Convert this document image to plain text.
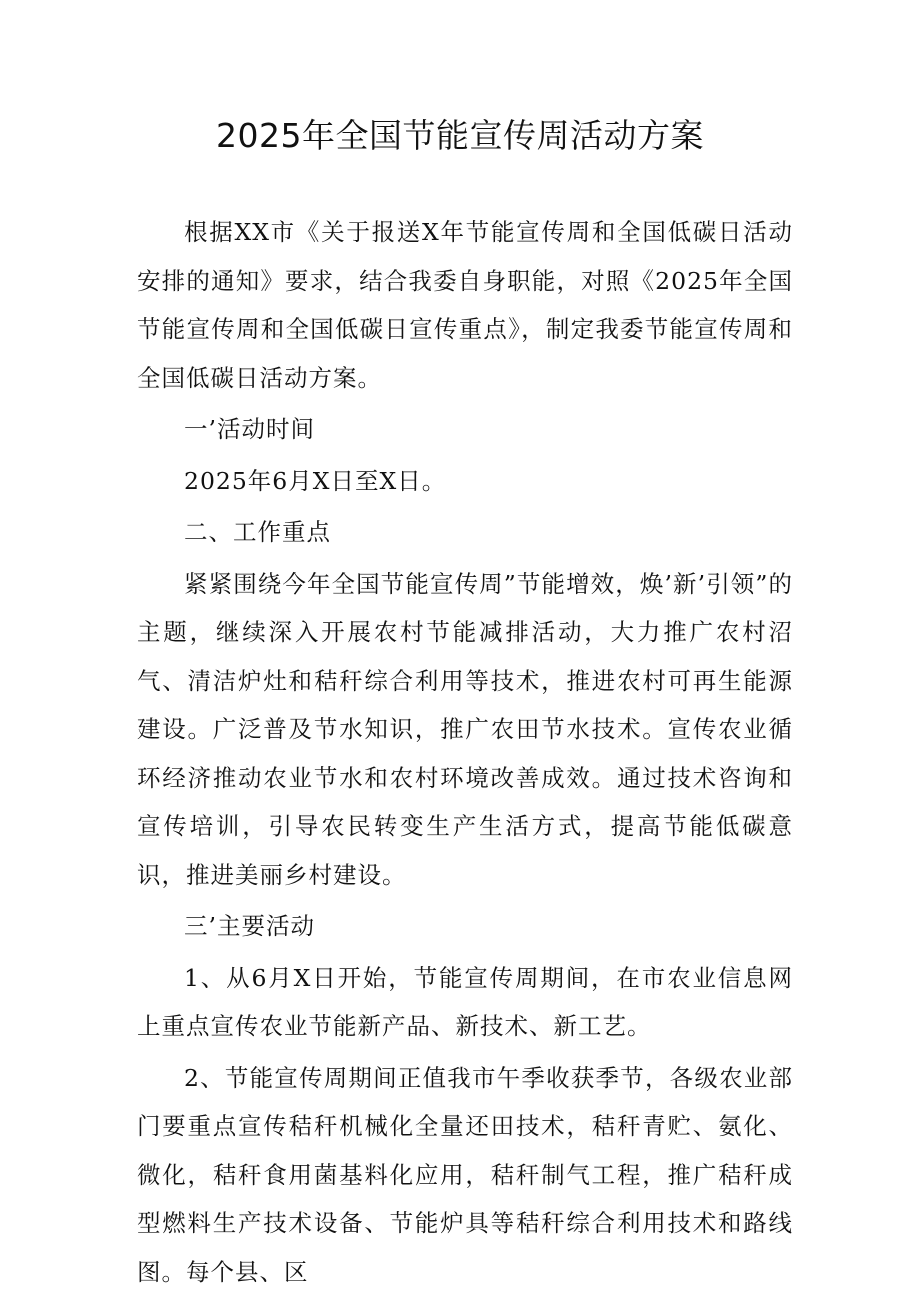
2025年全国节能宣传周活动方案

根据XX市《关于报送X年节能宣传周和全国低碳日活动安排的通知》要求，结合我委自身职能，对照《2025年全国节能宣传周和全国低碳日宣传重点》，制定我委节能宣传周和全国低碳日活动方案。

一’活动时间

2025年6月X日至X日。

二、工作重点

紧紧围绕今年全国节能宣传周”节能增效，焕’新’引领”的主题，继续深入开展农村节能减排活动，大力推广农村沼气、清洁炉灶和秸秆综合利用等技术，推进农村可再生能源建设。广泛普及节水知识，推广农田节水技术。宣传农业循环经济推动农业节水和农村环境改善成效。通过技术咨询和宣传培训，引导农民转变生产生活方式，提高节能低碳意识，推进美丽乡村建设。

三’主要活动

1、从6月X日开始，节能宣传周期间，在市农业信息网上重点宣传农业节能新产品、新技术、新工艺。

2、节能宣传周期间正值我市午季收获季节，各级农业部门要重点宣传秸秆机械化全量还田技术，秸秆青贮、氨化、微化，秸秆食用菌基料化应用，秸秆制气工程，推广秸秆成型燃料生产技术设备、节能炉具等秸秆综合利用技术和路线图。每个县、区
